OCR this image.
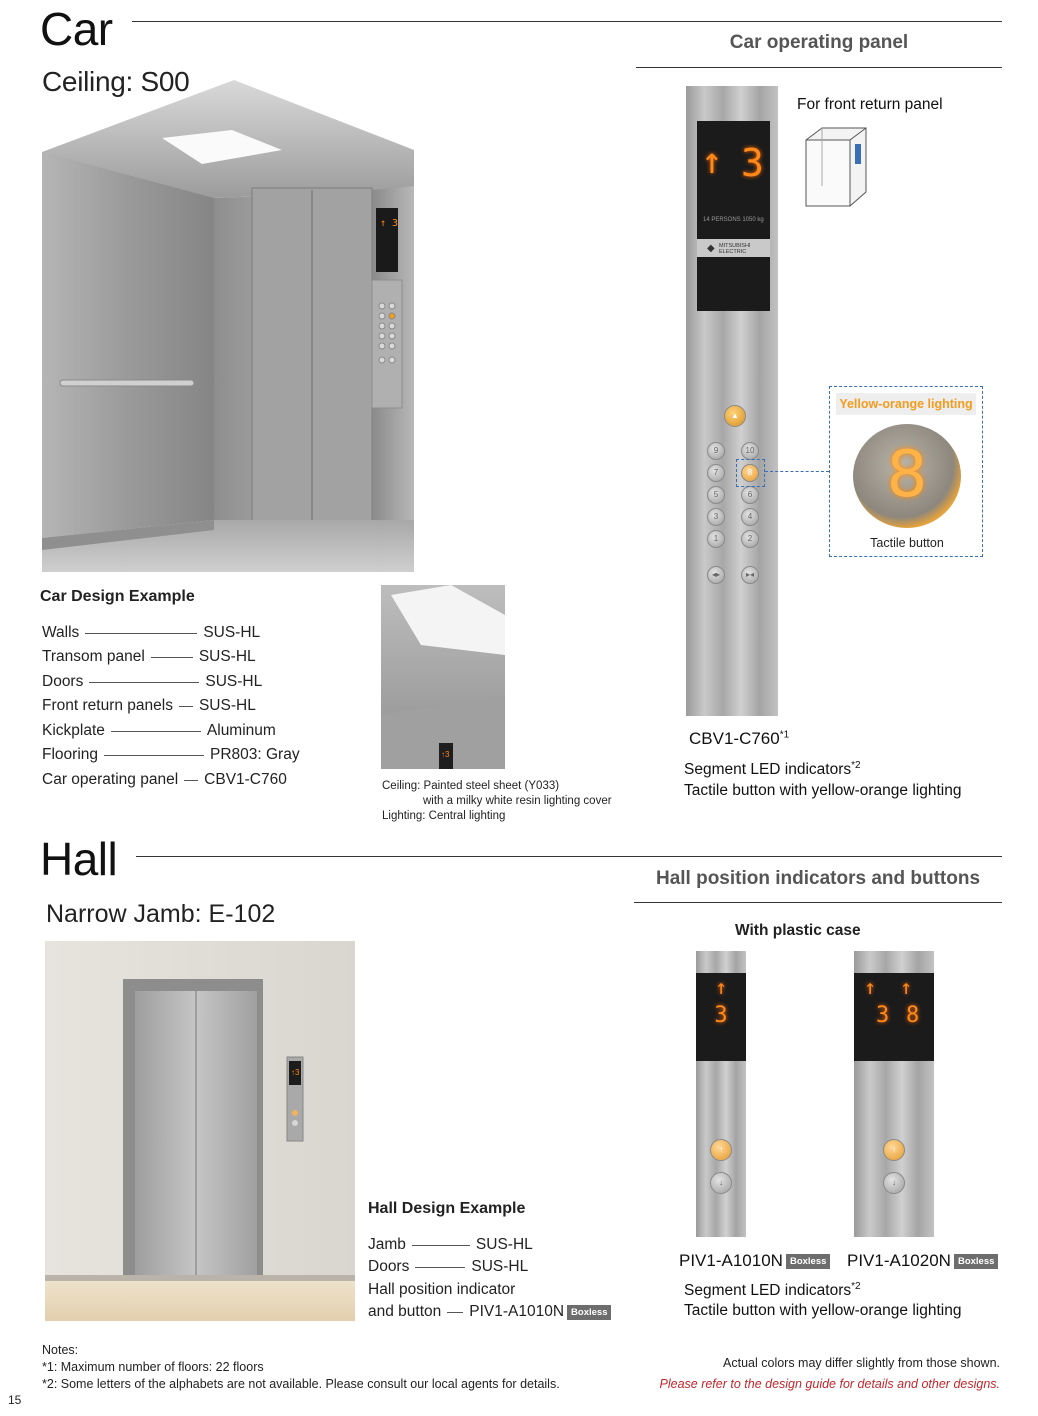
Car
Ceiling: S00
↑ 3
Car Design Example
Walls	SUS-HL
Transom panel	SUS-HL
Doors	SUS-HL
Front return panels SUS-HL
Kickplate	Aluminum
Flooring	PR803: Gray
Car operating panel CBV1-C760
↑3
Ceiling: Painted steel sheet (Y033)
with a milky white resin lighting cover
Lighting: Central lighting
Car operating panel
↑ 3
14 PERSONS 1050 kg
MITSUBISHI ELECTRIC
◆
▲
9	10
7	8
5	6
3	4
1	2
◂▸	▸◂
Yellow-orange lighting
8
Tactile button
For front return panel
CBV1-C760$^{*1}$
Segment LED indicators$^{*2}$
Tactile button with yellow-orange lighting
Hall
Narrow Jamb: E-102
↑3
Hall Design Example
Jamb	SUS-HL
Doors	SUS-HL
Hall position indicator
and button PIV1-A1010N Boxless
Hall position indicators and buttons
With plastic case
↑
3
↑
↓
↑ ↑
3 8
↑
↓
PIV1-A1010N Boxless PIV1-A1020N Boxless
Segment LED indicators$^{*2}$
Tactile button with yellow-orange lighting
Notes:
*1: Maximum number of floors: 22 floors
*2: Some letters of the alphabets are not available. Please consult our local agents for details.
Actual colors may differ slightly from those shown.
Please refer to the design guide for details and other designs.
15
